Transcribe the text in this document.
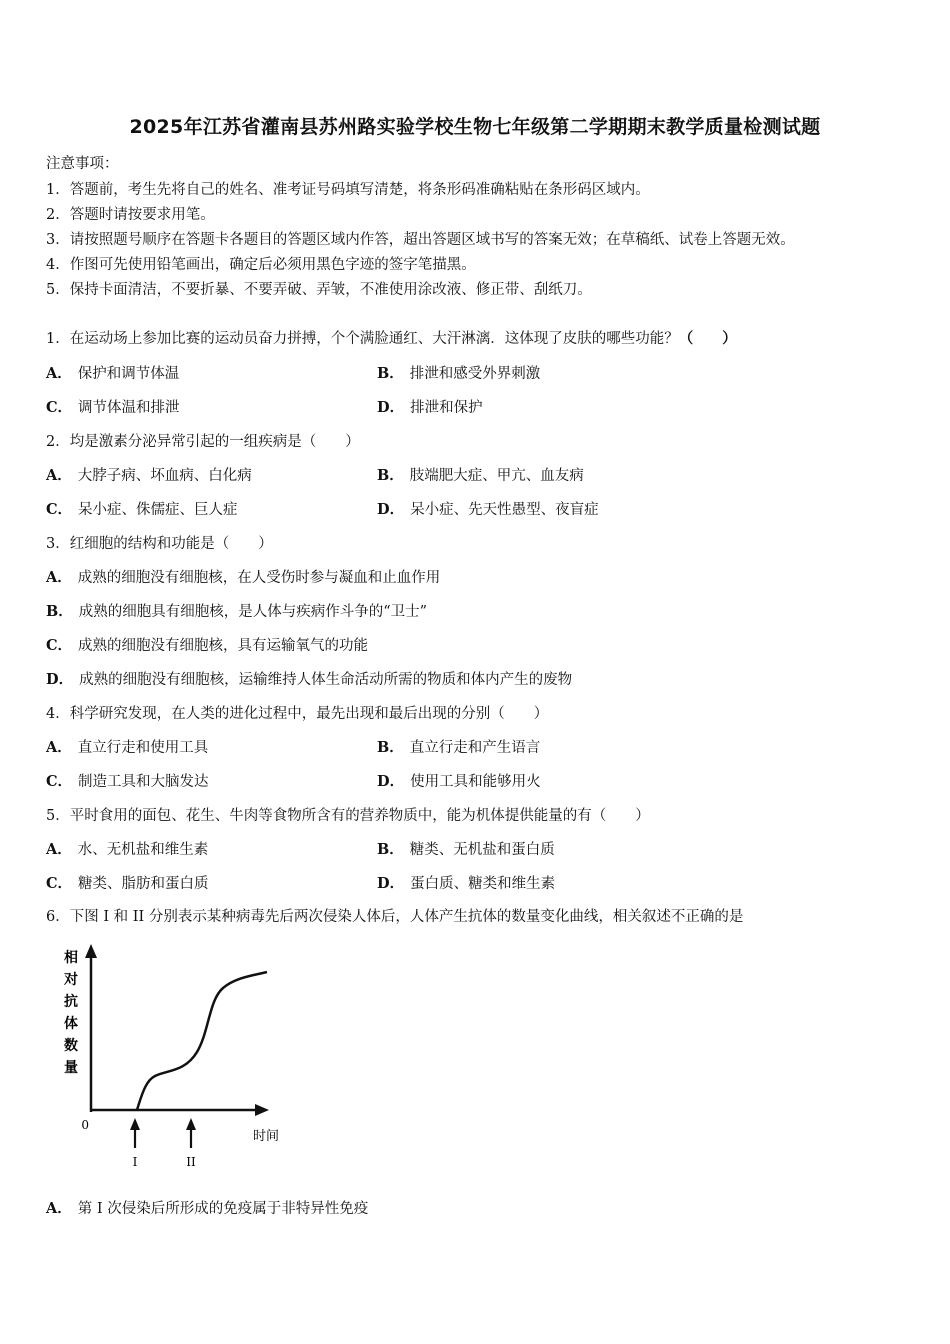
2025年江苏省灌南县苏州路实验学校生物七年级第二学期期末教学质量检测试题
注意事项：
1．答题前，考生先将自己的姓名、准考证号码填写清楚，将条形码准确粘贴在条形码区域内。
2．答题时请按要求用笔。
3．请按照题号顺序在答题卡各题目的答题区域内作答，超出答题区域书写的答案无效；在草稿纸、试卷上答题无效。
4．作图可先使用铅笔画出，确定后必须用黑色字迹的签字笔描黑。
5．保持卡面清洁，不要折暴、不要弄破、弄皱，不准使用涂改液、修正带、刮纸刀。
1．在运动场上参加比赛的运动员奋力拼搏，个个满脸通红、大汗淋漓．这体现了皮肤的哪些功能？（　　）
A． 保护和调节体温	B． 排泄和感受外界刺激
C． 调节体温和排泄	D． 排泄和保护
2．均是激素分泌异常引起的一组疾病是（　　）
A． 大脖子病、坏血病、白化病	B． 肢端肥大症、甲亢、血友病
C． 呆小症、侏儒症、巨人症	D． 呆小症、先天性愚型、夜盲症
3．红细胞的结构和功能是（　　）
A． 成熟的细胞没有细胞核，在人受伤时参与凝血和止血作用
B． 成熟的细胞具有细胞核，是人体与疾病作斗争的“卫士”
C． 成熟的细胞没有细胞核，具有运输氧气的功能
D． 成熟的细胞没有细胞核，运输维持人体生命活动所需的物质和体内产生的废物
4．科学研究发现，在人类的进化过程中，最先出现和最后出现的分别（　　）
A． 直立行走和使用工具	B． 直立行走和产生语言
C． 制造工具和大脑发达	D． 使用工具和能够用火
5．平时食用的面包、花生、牛肉等食物所含有的营养物质中，能为机体提供能量的有（　　）
A． 水、无机盐和维生素	B． 糖类、无机盐和蛋白质
C． 糖类、脂肪和蛋白质	D． 蛋白质、糖类和维生素
6．下图 I 和 II 分别表示某种病毒先后两次侵染人体后，人体产生抗体的数量变化曲线，相关叙述不正确的是
相对抗体数量
0
时间
I	II
A． 第 I 次侵染后所形成的免疫属于非特异性免疫
